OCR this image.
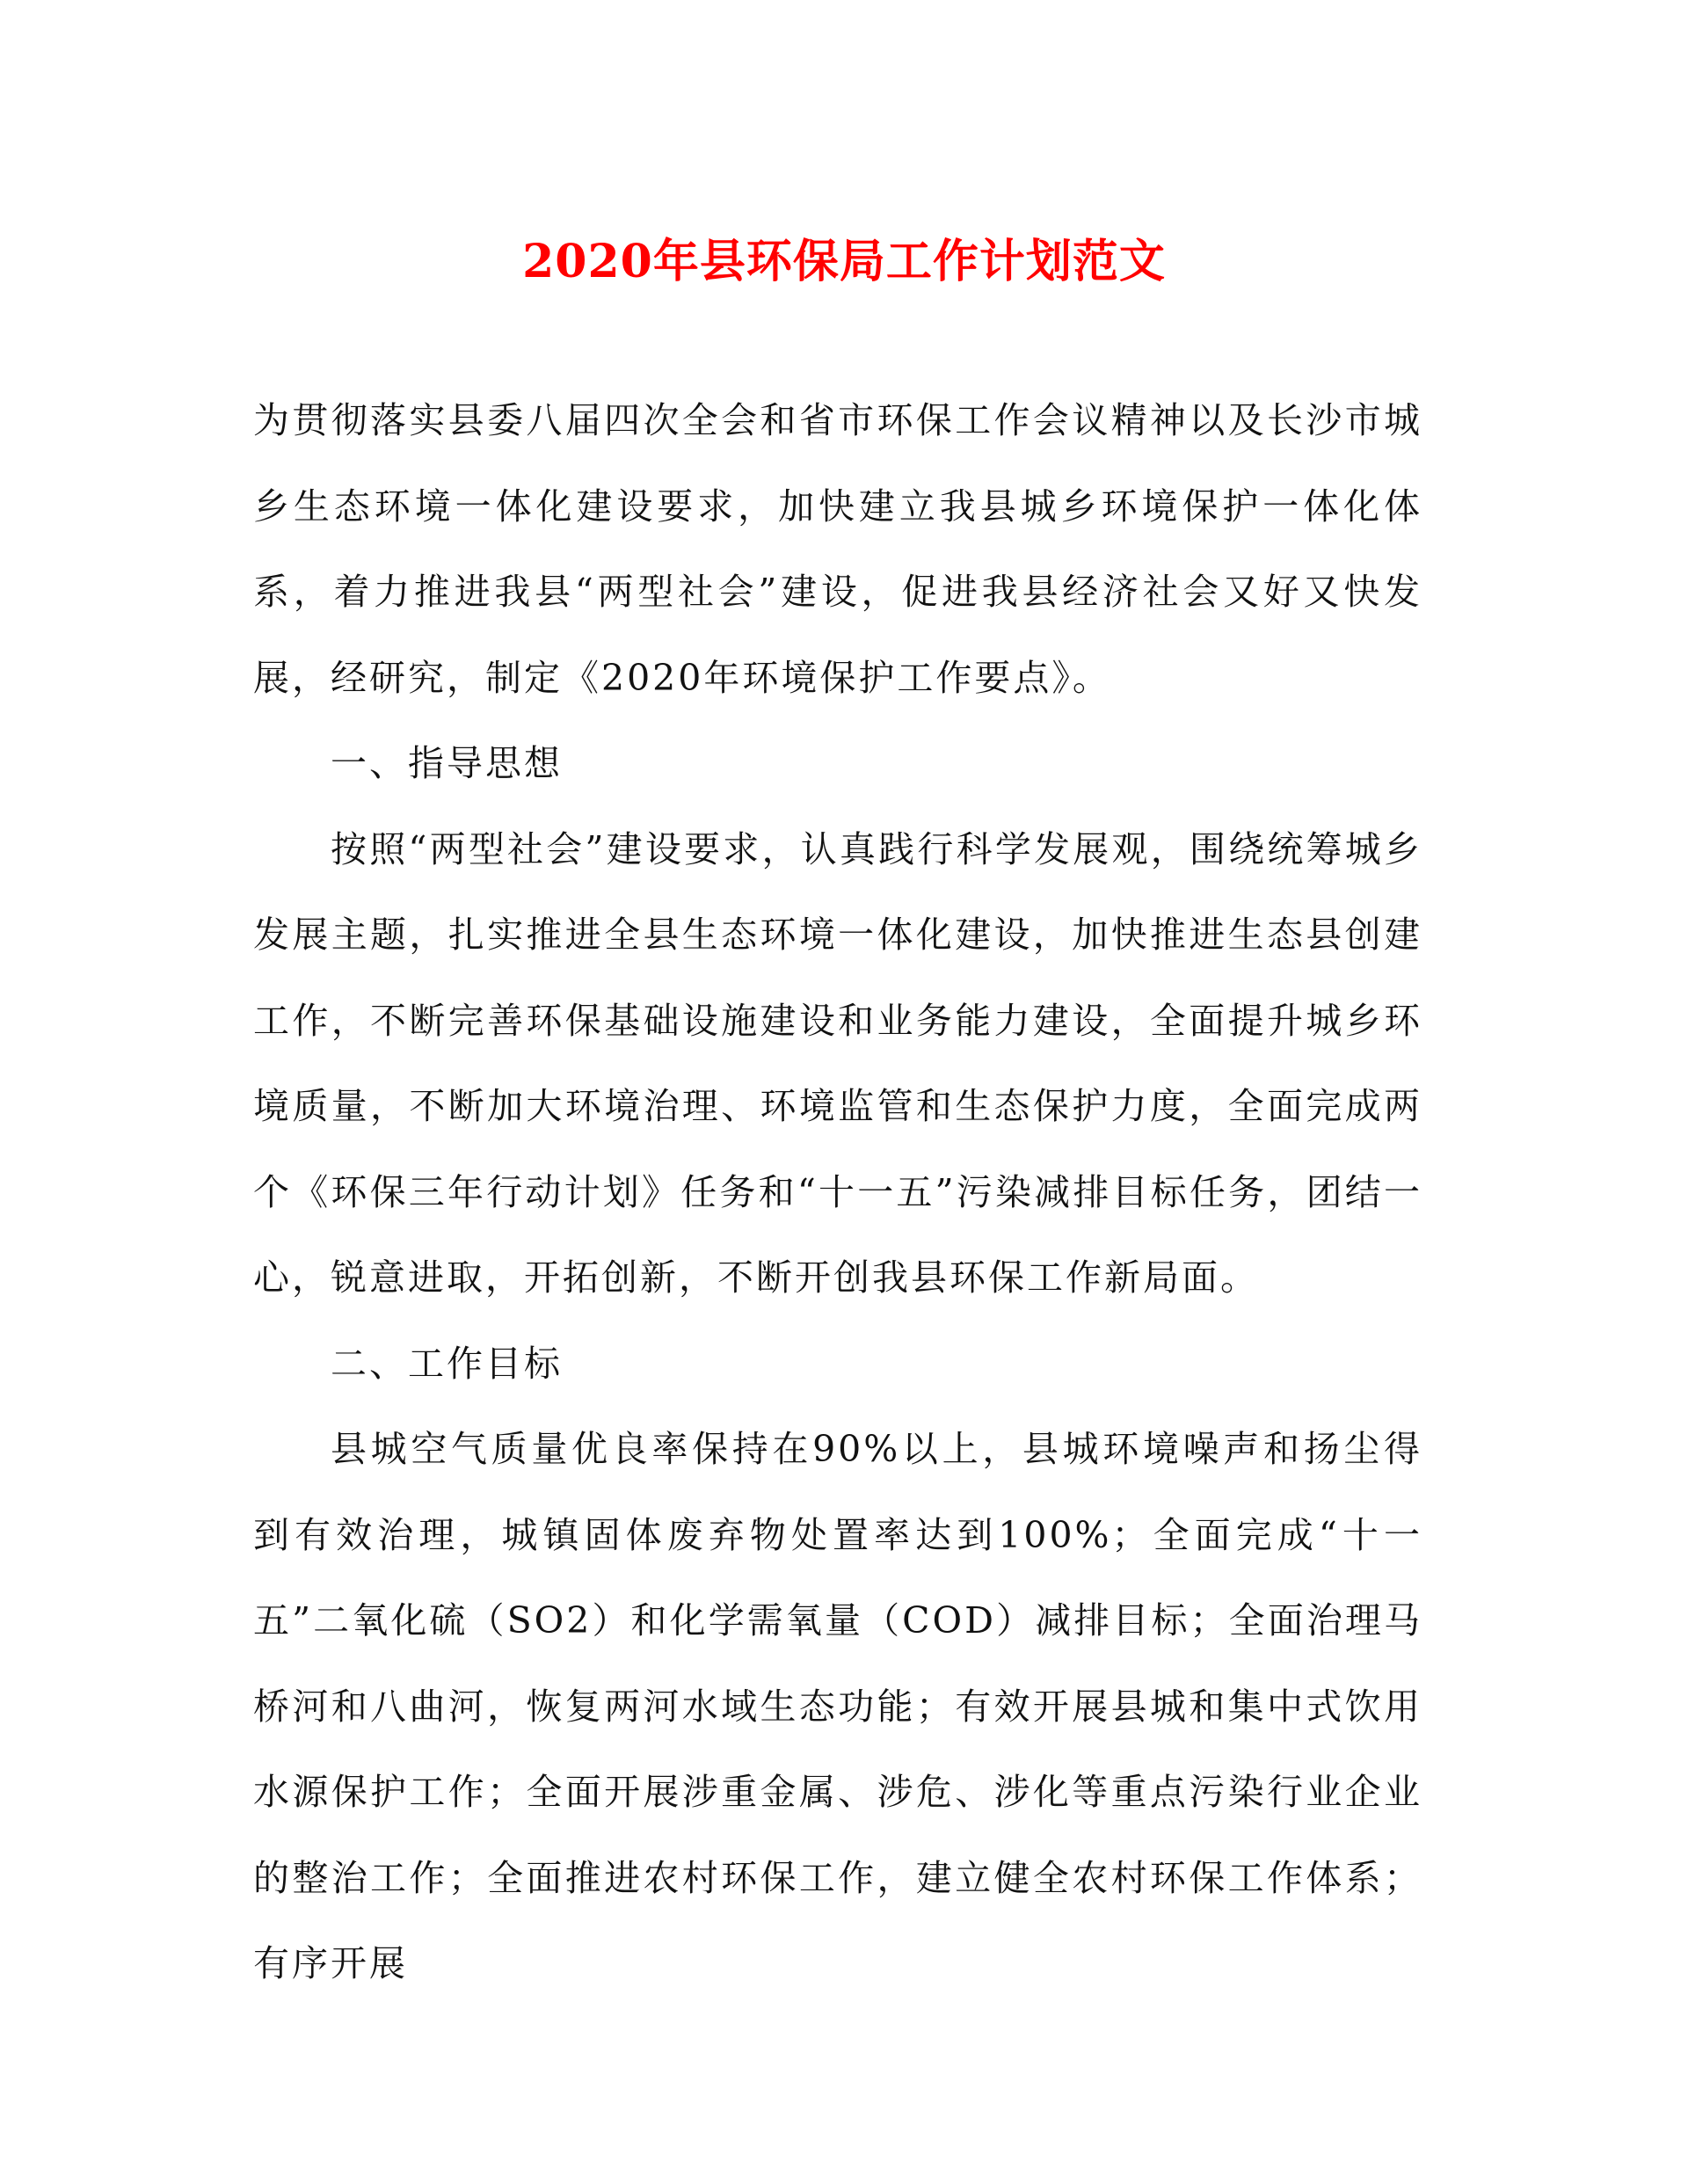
2020年县环保局工作计划范文

为贯彻落实县委八届四次全会和省市环保工作会议精神以及长沙市城乡生态环境一体化建设要求，加快建立我县城乡环境保护一体化体系，着力推进我县“两型社会”建设，促进我县经济社会又好又快发展，经研究，制定《2020年环境保护工作要点》。

一、指导思想

按照“两型社会”建设要求，认真践行科学发展观，围绕统筹城乡发展主题，扎实推进全县生态环境一体化建设，加快推进生态县创建工作，不断完善环保基础设施建设和业务能力建设，全面提升城乡环境质量，不断加大环境治理、环境监管和生态保护力度，全面完成两个《环保三年行动计划》任务和“十一五”污染减排目标任务，团结一心，锐意进取，开拓创新，不断开创我县环保工作新局面。

二、工作目标

县城空气质量优良率保持在90%以上，县城环境噪声和扬尘得到有效治理，城镇固体废弃物处置率达到100%；全面完成“十一五”二氧化硫（SO2）和化学需氧量（COD）减排目标；全面治理马桥河和八曲河，恢复两河水域生态功能；有效开展县城和集中式饮用水源保护工作；全面开展涉重金属、涉危、涉化等重点污染行业企业的整治工作；全面推进农村环保工作，建立健全农村环保工作体系；有序开展
